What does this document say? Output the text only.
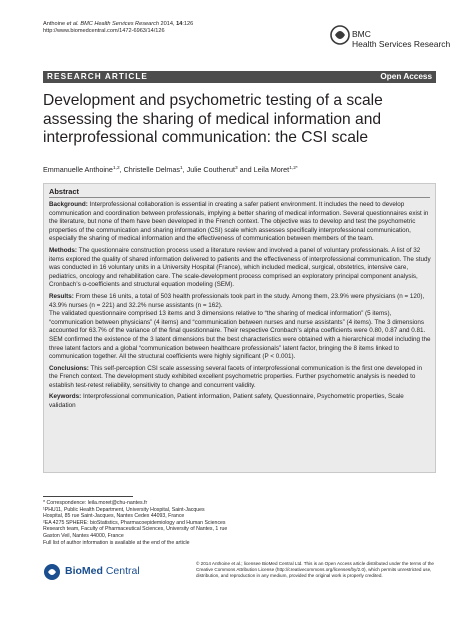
Anthoine et al. BMC Health Services Research 2014, 14:126
http://www.biomedcentral.com/1472-6963/14/126	BMC
Health Services Research
RESEARCH ARTICLE	Open Access
Development and psychometric testing of a scale assessing the sharing of medical information and interprofessional communication: the CSI scale
Emmanuelle Anthoine$^{1,2}$, Christelle Delmas$^1$, Julie Coutherut$^3$ and Leila Moret$^{1,2*}$
Abstract

Background: Interprofessional collaboration is essential in creating a safer patient environment. It includes the need to develop communication and coordination between professionals, implying a better sharing of medical information. Several questionnaires exist in the literature, but none of them have been developed in the French context. The objective was to develop and test the psychometric properties of the communication and sharing information (CSI) scale which assesses specifically interprofessional communication, especially the sharing of medical information and the effectiveness of communication between members of the team.

Methods: The questionnaire construction process used a literature review and involved a panel of voluntary professionals. A list of 32 items explored the quality of shared information delivered to patients and the effectiveness of interprofessional communication. The study was conducted in 16 voluntary units in a University Hospital (France), which included medical, surgical, obstetrics, intensive care, pediatrics, oncology and rehabilitation care. The scale-development process comprised an exploratory principal component analysis, Cronbach’s α-coefficients and structural equation modeling (SEM).

Results: From these 16 units, a total of 503 health professionals took part in the study. Among them, 23.9% were physicians (n = 120), 43.9% nurses (n = 221) and 32.2% nurse assistants (n = 162).
The validated questionnaire comprised 13 items and 3 dimensions relative to “the sharing of medical information” (5 items), “communication between physicians” (4 items) and “communication between nurses and nurse assistants” (4 items). The 3 dimensions accounted for 63.7% of the variance of the final questionnaire. Their respective Cronbach’s alpha coefficients were 0.80, 0.87 and 0.81. SEM confirmed the existence of the 3 latent dimensions but the best characteristics were obtained with a hierarchical model including the three latent factors and a global “communication between healthcare professionals” latent factor, bringing the 8 items linked to communication together. All the structural coefficients were highly significant (P < 0.001).

Conclusions: This self-perception CSI scale assessing several facets of interprofessional communication is the first one developed in the French context. The development study exhibited excellent psychometric properties. Further psychometric analysis is needed to establish test-retest reliability, sensitivity to change and concurrent validity.

Keywords: Interprofessional communication, Patient information, Patient safety, Questionnaire, Psychometric properties, Scale validation

* Correspondence: leila.moret@chu-nantes.fr
¹PHU11, Public Health Department, University Hospital, Saint-Jacques
Hospital, 85 rue Saint-Jacques, Nantes Cedex 44093, France
²EA 4275 SPHERE: bioStatistics, Pharmacoepidemiology and Human Sciences
Research team, Faculty of Pharmaceutical Sciences, University of Nantes, 1 rue
Gaston Veil, Nantes 44000, France
Full list of author information is available at the end of the article
BioMed Central
© 2014 Anthoine et al.; licensee BioMed Central Ltd. This is an Open Access article distributed under the terms of the Creative Commons Attribution License (http://creativecommons.org/licenses/by/2.0), which permits unrestricted use, distribution, and reproduction in any medium, provided the original work is properly credited.
